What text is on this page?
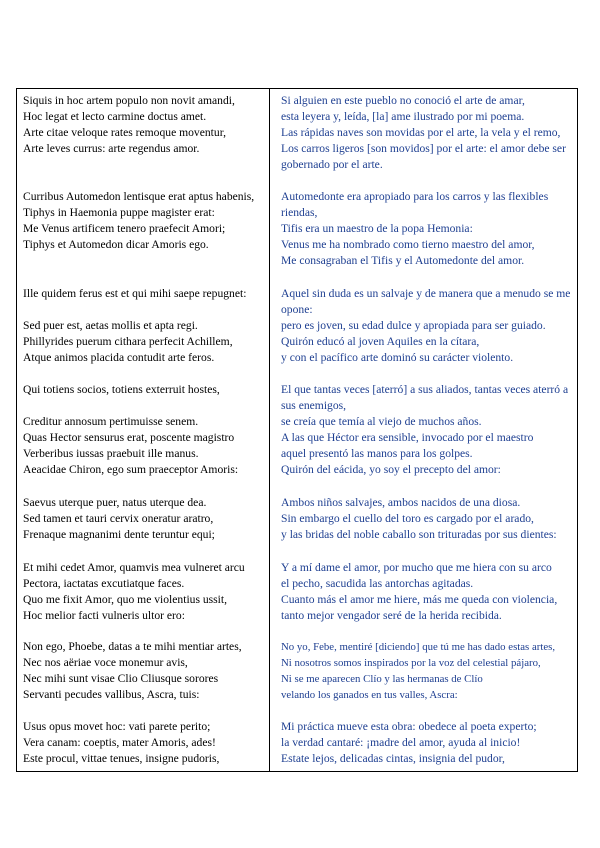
Siquis in hoc artem populo non novit amandi,
Hoc legat et lecto carmine doctus amet.
Arte citae veloque rates remoque moventur,
Arte leves currus: arte regendus amor.
Curribus Automedon lentisque erat aptus habenis,
Tiphys in Haemonia puppe magister erat:
Me Venus artificem tenero praefecit Amori;
Tiphys et Automedon dicar Amoris ego.
Ille quidem ferus est et qui mihi saepe repugnet:
Sed puer est, aetas mollis et apta regi.
Phillyrides puerum cithara perfecit Achillem,
Atque animos placida contudit arte feros.
Qui totiens socios, totiens exterruit hostes,
Creditur annosum pertimuisse senem.
Quas Hector sensurus erat, poscente magistro
Verberibus iussas praebuit ille manus.
Aeacidae Chiron, ego sum praeceptor Amoris:
Saevus uterque puer, natus uterque dea.
Sed tamen et tauri cervix oneratur aratro,
Frenaque magnanimi dente teruntur equi;
Et mihi cedet Amor, quamvis mea vulneret arcu
Pectora, iactatas excutiatque faces.
Quo me fixit Amor, quo me violentius ussit,
Hoc melior facti vulneris ultor ero:
Non ego, Phoebe, datas a te mihi mentiar artes,
Nec nos aëriae voce monemur avis,
Nec mihi sunt visae Clio Cliusque sorores
Servanti pecudes vallibus, Ascra, tuis:
Usus opus movet hoc: vati parete perito;
Vera canam: coeptis, mater Amoris, ades!
Este procul, vittae tenues, insigne pudoris,
Si alguien en este pueblo no conoció el arte de amar,
esta leyera y, leída, [la] ame ilustrado por mi poema.
Las rápidas naves son movidas por el arte, la vela y el remo,
Los carros ligeros [son movidos] por el arte: el amor debe ser gobernado por el arte.
Automedonte era apropiado para los carros y las flexibles riendas,
Tifis era un maestro de la popa Hemonia:
Venus me ha nombrado como tierno maestro del amor,
Me consagraban el Tifis y el Automedonte del amor.
Aquel sin duda es un salvaje y de manera que a menudo se me opone:
pero es joven, su edad dulce y apropiada para ser guiado.
Quirón educó al joven Aquiles en la cítara,
y con el pacífico arte dominó su carácter violento.
El que tantas veces [aterró] a sus aliados, tantas veces aterró a sus enemigos,
se creía que temía al viejo de muchos años.
A las que Héctor era sensible, invocado por el maestro
aquel presentó las manos para los golpes.
Quirón del eácida, yo soy el precepto del amor:
Ambos niños salvajes, ambos nacidos de una diosa.
Sin embargo el cuello del toro es cargado por el arado,
y las bridas del noble caballo son trituradas por sus dientes:
Y a mí dame el amor, por mucho que me hiera con su arco
el pecho, sacudida las antorchas agitadas.
Cuanto más el amor me hiere, más me queda con violencia,
tanto mejor vengador seré de la herida recibida.
No yo, Febe, mentiré [diciendo] que tú me has dado estas artes,
Ni nosotros somos inspirados por la voz del celestial pájaro,
Ni se me aparecen Clío y las hermanas de Clío
velando los ganados en tus valles, Ascra:
Mi práctica mueve esta obra: obedece al poeta experto;
la verdad cantaré: ¡madre del amor, ayuda al inicio!
Estate lejos, delicadas cintas, insignia del pudor,
